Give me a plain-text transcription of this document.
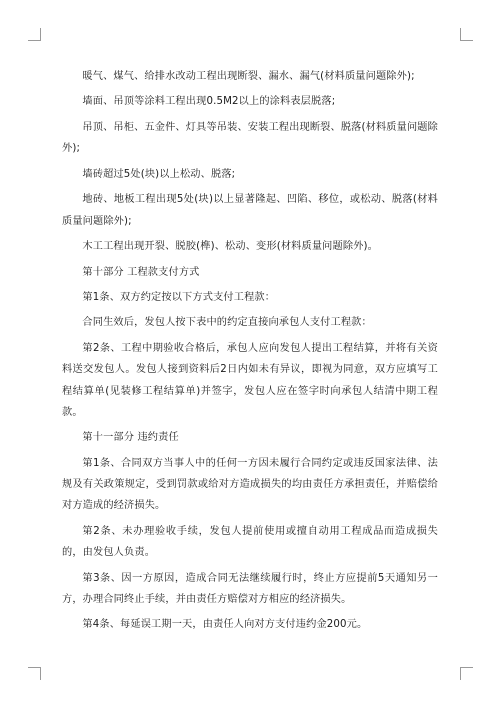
暖气、煤气、给排水改动工程出现断裂、漏水、漏气(材料质量问题除外);

墙面、吊顶等涂料工程出现0.5M2以上的涂料表层脱落;

吊顶、吊柜、五金件、灯具等吊装、安装工程出现断裂、脱落(材料质量问题除外);

墙砖超过5处(块)以上松动、脱落;

地砖、地板工程出现5处(块)以上显著隆起、凹陷、移位，或松动、脱落(材料质量问题除外);

木工工程出现开裂、脱胶(榫)、松动、变形(材料质量问题除外)。

第十部分 工程款支付方式

第1条、双方约定按以下方式支付工程款：

合同生效后，发包人按下表中的约定直接向承包人支付工程款：

第2条、工程中期验收合格后，承包人应向发包人提出工程结算，并将有关资料送交发包人。发包人接到资料后2日内如未有异议，即视为同意，双方应填写工程结算单(见装修工程结算单)并签字，发包人应在签字时向承包人结清中期工程款。

第十一部分 违约责任

第1条、合同双方当事人中的任何一方因未履行合同约定或违反国家法律、法规及有关政策规定，受到罚款或给对方造成损失的均由责任方承担责任，并赔偿给对方造成的经济损失。

第2条、未办理验收手续，发包人提前使用或擅自动用工程成品而造成损失的，由发包人负责。

第3条、因一方原因，造成合同无法继续履行时，终止方应提前5天通知另一方，办理合同终止手续，并由责任方赔偿对方相应的经济损失。

第4条、每延误工期一天，由责任人向对方支付违约金200元。
